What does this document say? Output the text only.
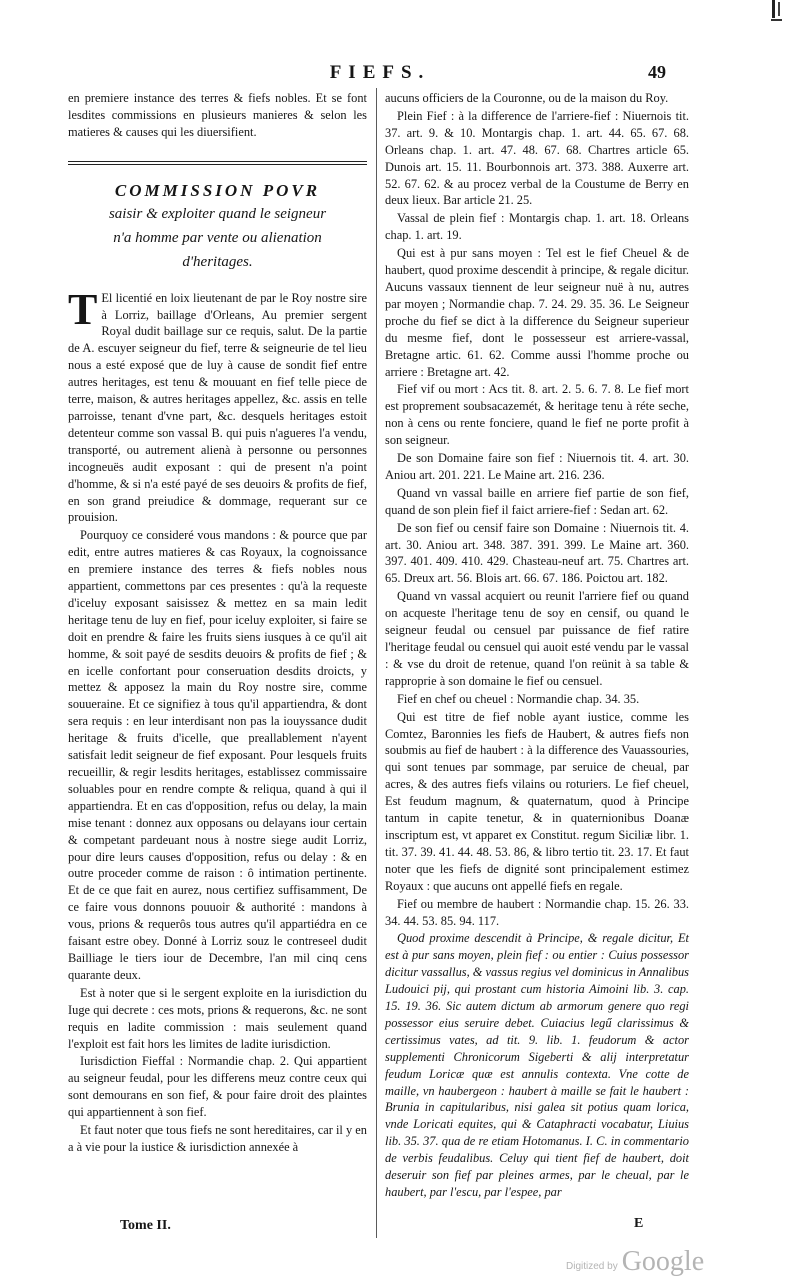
FIEFS.	49

en premiere instance des terres & fiefs nobles. Et se font lesdites commissions en plusieurs manieres & selon les matieres & causes qui les diuersifient.

COMMISSION POVR
saisir & exploiter quand le seigneur n'a homme par vente ou alienation d'heritages.

T El licentié en loix lieutenant de par le Roy nostre sire à Lorriz, baillage d'Orleans, Au premier sergent Royal dudit baillage sur ce requis, salut. De la partie de A. escuyer seigneur du fief, terre & seigneurie de tel lieu nous a esté exposé que de luy à cause de sondit fief entre autres heritages, est tenu & mouuant en fief telle piece de terre, maison, & autres heritages appellez, &c. assis en telle parroisse, tenant d'vne part, &c. desquels heritages estoit detenteur comme son vassal B. qui puis n'agueres l'a vendu, transporté, ou autrement alienà à personne ou personnes incogneuës audit exposant : qui de present n'a point d'homme, & si n'a esté payé de ses deuoirs & profits de fief, en son grand preiudice & dommage, requerant sur ce prouision.

Pourquoy ce consideré vous mandons : & pource que par edit, entre autres matieres & cas Royaux, la cognoissance en premiere instance des terres & fiefs nobles nous appartient, commettons par ces presentes : qu'à la requeste d'iceluy exposant saisissez & mettez en sa main ledit heritage tenu de luy en fief, pour iceluy exploiter, si faire se doit en prendre & faire les fruits siens iusques à ce qu'il ait homme, & soit payé de sesdits deuoirs & profits de fief ; & en icelle confortant pour conseruation desdits droicts, y mettez & apposez la main du Roy nostre sire, comme souueraine. Et ce signifiez à tous qu'il appartiendra, & dont sera requis : en leur interdisant non pas la iouyssance dudit heritage & fruits d'icelle, que preallablement n'ayent satisfait ledit seigneur de fief exposant. Pour lesquels fruits recueillir, & regir lesdits heritages, establissez commissaire soluables pour en rendre compte & reliqua, quand à qui il appartiendra. Et en cas d'opposition, refus ou delay, la main mise tenant : donnez aux opposans ou delayans iour certain & competant pardeuant nous à nostre siege audit Lorriz, pour dire leurs causes d'opposition, refus ou delay : & en outre proceder comme de raison : ô intimation pertinente. Et de ce que fait en aurez, nous certifiez suffisamment, De ce faire vous donnons pouuoir & authorité : mandons à vous, prions & requerôs tous autres qu'il appartiédra en ce faisant estre obey. Donné à Lorriz souz le contreseel dudit Bailliage le tiers iour de Decembre, l'an mil cinq cens quarante deux.

Est à noter que si le sergent exploite en la iurisdiction du Iuge qui decrete : ces mots, prions & requerons, &c. ne sont requis en ladite commission : mais seulement quand l'exploit est fait hors les limites de ladite iurisdiction.

Iurisdiction Fieffal : Normandie chap. 2. Qui appartient au seigneur feudal, pour les differens meuz contre ceux qui sont demourans en son fief, & pour faire droit des plaintes qui appartiennent à son fief.

Et faut noter que tous fiefs ne sont hereditaires, car il y en a à vie pour la iustice & iurisdiction annexée à

aucuns officiers de la Couronne, ou de la maison du Roy.

Plein Fief : à la difference de l'arriere-fief : Niuernois tit. 37. art. 9. & 10. Montargis chap. 1. art. 44. 65. 67. 68. Orleans chap. 1. art. 47. 48. 67. 68. Chartres article 65. Dunois art. 15. 11. Bourbonnois art. 373. 388. Auxerre art. 52. 67. 62. & au procez verbal de la Coustume de Berry en deux lieux. Bar article 21. 25.

Vassal de plein fief : Montargis chap. 1. art. 18. Orleans chap. 1. art. 19.

Qui est à pur sans moyen : Tel est le fief Cheuel & de haubert, quod proxime descendit à principe, & regale dicitur. Aucuns vassaux tiennent de leur seigneur nuë à nu, autres par moyen ; Normandie chap. 7. 24. 29. 35. 36. Le Seigneur proche du fief se dict à la difference du Seigneur superieur du mesme fief, dont le possesseur est arriere-vassal, Bretagne artic. 61. 62. Comme aussi l'homme proche ou arriere : Bretagne art. 42.

Fief vif ou mort : Acs tit. 8. art. 2. 5. 6. 7. 8. Le fief mort est proprement soubsacazemét, & heritage tenu à réte seche, non à cens ou rente fonciere, quand le fief ne porte profit à son seigneur.

De son Domaine faire son fief : Niuernois tit. 4. art. 30. Aniou art. 201. 221. Le Maine art. 216. 236.

Quand vn vassal baille en arriere fief partie de son fief, quand de son plein fief il faict arriere-fief : Sedan art. 62.

De son fief ou censif faire son Domaine : Niuernois tit. 4. art. 30. Aniou art. 348. 387. 391. 399. Le Maine art. 360. 397. 401. 409. 410. 429. Chasteau-neuf art. 75. Chartres art. 65. Dreux art. 56. Blois art. 66. 67. 186. Poictou art. 182.

Quand vn vassal acquiert ou reunit l'arriere fief ou quand on acqueste l'heritage tenu de soy en censif, ou quand le seigneur feudal ou censuel par puissance de fief ratire l'heritage feudal ou censuel qui auoit esté vendu par le vassal : & vse du droit de retenue, quand l'on reünit à sa table & rapproprie à son domaine le fief ou censuel.

Fief en chef ou cheuel : Normandie chap. 34. 35.

Qui est titre de fief noble ayant iustice, comme les Comtez, Baronnies les fiefs de Haubert, & autres fiefs non soubmis au fief de haubert : à la difference des Vauassouries, qui sont tenues par sommage, par seruice de cheual, par acres, & des autres fiefs vilains ou roturiers. Le fief cheuel, Est feudum magnum, & quaternatum, quod à Principe tantum in capite tenetur, & in quaternionibus Doanæ inscriptum est, vt apparet ex Constitut. regum Siciliæ libr. 1. tit. 37. 39. 41. 44. 48. 53. 86, & libro tertio tit. 23. 17. Et faut noter que les fiefs de dignité sont principalement estimez Royaux : que aucuns ont appellé fiefs en regale.

Fief ou membre de haubert : Normandie chap. 15. 26. 33. 34. 44. 53. 85. 94. 117.

Quod proxime descendit à Principe, & regale dicitur, Et est à pur sans moyen, plein fief : ou entier : Cuius possessor dicitur vassallus, & vassus regius vel dominicus in Annalibus Ludouici pij, qui prostant cum historia Aimoini lib. 3. cap. 15. 19. 36. Sic autem dictum ab armorum genere quo regi possessor eius seruire debet. Cuiacius legű clarissimus & certissimus vates, ad tit. 9. lib. 1. feudorum & actor supplementi Chronicorum Sigeberti & alij interpretatur feudum Loricæ quæ est annulis contexta. Vne cotte de maille, vn haubergeon : haubert à maille se fait le haubert : Brunia in capitularibus, nisi galea sit potius quam lorica, vnde Loricati equites, qui & Cataphracti vocabatur, Liuius lib. 35. 37. qua de re etiam Hotomanus. I. C. in commentario de verbis feudalibus. Celuy qui tient fief de haubert, doit deseruir son fief par pleines armes, par le cheual, par le haubert, par l'escu, par l'espee, par

Tome II.	E
Digitized by Google
